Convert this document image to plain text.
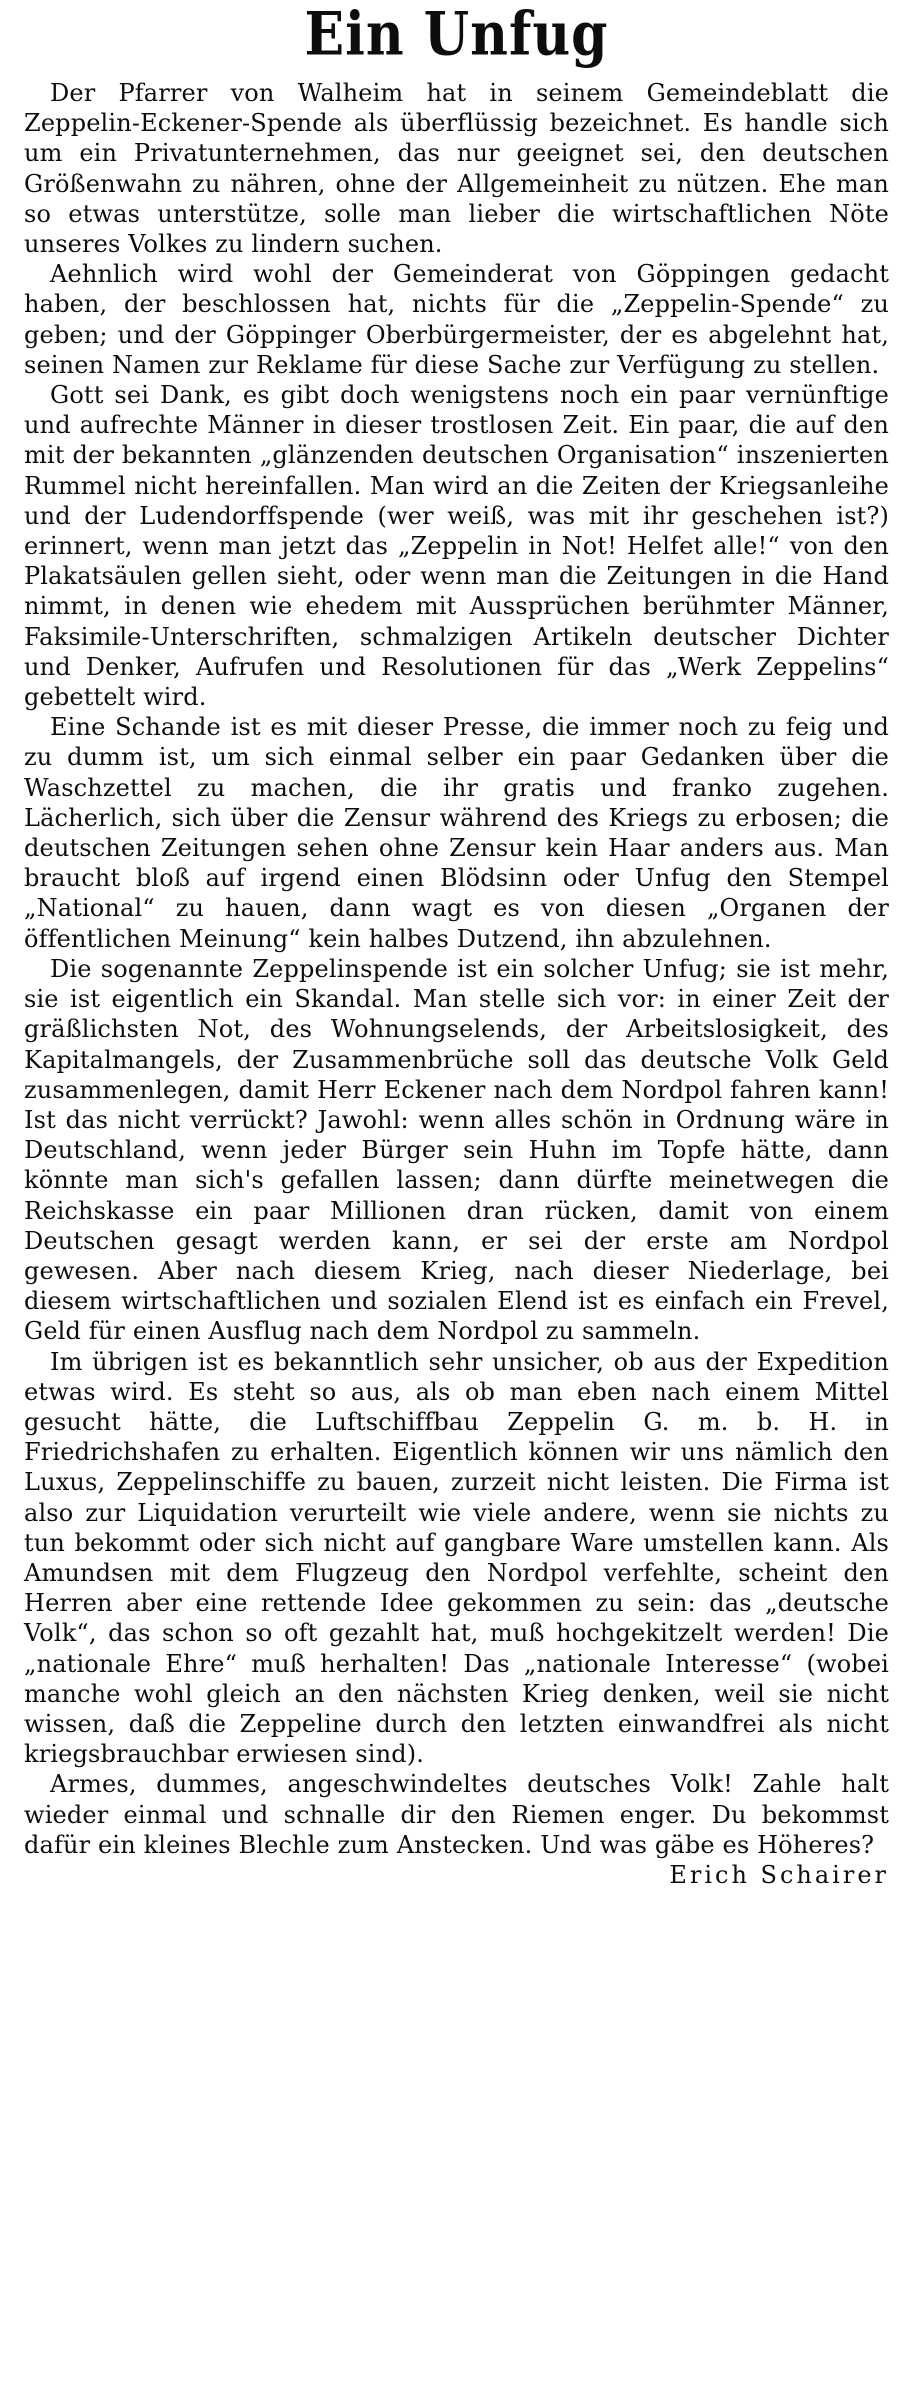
Ein Unfug

Der Pfarrer von Walheim hat in seinem Gemeindeblatt die Zeppelin-Eckener-Spende als überflüssig bezeichnet. Es handle sich um ein Privatunternehmen, das nur geeignet sei, den deutschen Größenwahn zu nähren, ohne der Allgemeinheit zu nützen. Ehe man so etwas unterstütze, solle man lieber die wirtschaftlichen Nöte unseres Volkes zu lindern suchen.

Aehnlich wird wohl der Gemeinderat von Göppingen gedacht haben, der beschlossen hat, nichts für die „Zeppelin-Spende“ zu geben; und der Göppinger Oberbürgermeister, der es abgelehnt hat, seinen Namen zur Reklame für diese Sache zur Verfügung zu stellen.

Gott sei Dank, es gibt doch wenigstens noch ein paar vernünftige und aufrechte Männer in dieser trostlosen Zeit. Ein paar, die auf den mit der bekannten „glänzenden deutschen Organisation“ inszenierten Rummel nicht hereinfallen. Man wird an die Zeiten der Kriegsanleihe und der Ludendorffspende (wer weiß, was mit ihr geschehen ist?) erinnert, wenn man jetzt das „Zeppelin in Not! Helfet alle!“ von den Plakatsäulen gellen sieht, oder wenn man die Zeitungen in die Hand nimmt, in denen wie ehedem mit Aussprüchen berühmter Männer, Faksimile-Unterschriften, schmalzigen Artikeln deutscher Dichter und Denker, Aufrufen und Resolutionen für das „Werk Zeppelins“ gebettelt wird.

Eine Schande ist es mit dieser Presse, die immer noch zu feig und zu dumm ist, um sich einmal selber ein paar Gedanken über die Waschzettel zu machen, die ihr gratis und franko zugehen. Lächerlich, sich über die Zensur während des Kriegs zu erbosen; die deutschen Zeitungen sehen ohne Zensur kein Haar anders aus. Man braucht bloß auf irgend einen Blödsinn oder Unfug den Stempel „National“ zu hauen, dann wagt es von diesen „Organen der öffentlichen Meinung“ kein halbes Dutzend, ihn abzulehnen.

Die sogenannte Zeppelinspende ist ein solcher Unfug; sie ist mehr, sie ist eigentlich ein Skandal. Man stelle sich vor: in einer Zeit der gräßlichsten Not, des Wohnungselends, der Arbeitslosigkeit, des Kapitalmangels, der Zusammenbrüche soll das deutsche Volk Geld zusammenlegen, damit Herr Eckener nach dem Nordpol fahren kann! Ist das nicht verrückt? Jawohl: wenn alles schön in Ordnung wäre in Deutschland, wenn jeder Bürger sein Huhn im Topfe hätte, dann könnte man sich's gefallen lassen; dann dürfte meinetwegen die Reichskasse ein paar Millionen dran rücken, damit von einem Deutschen gesagt werden kann, er sei der erste am Nordpol gewesen. Aber nach diesem Krieg, nach dieser Niederlage, bei diesem wirtschaftlichen und sozialen Elend ist es einfach ein Frevel, Geld für einen Ausflug nach dem Nordpol zu sammeln.

Im übrigen ist es bekanntlich sehr unsicher, ob aus der Expedition etwas wird. Es steht so aus, als ob man eben nach einem Mittel gesucht hätte, die Luftschiffbau Zeppelin G. m. b. H. in Friedrichshafen zu erhalten. Eigentlich können wir uns nämlich den Luxus, Zeppelinschiffe zu bauen, zurzeit nicht leisten. Die Firma ist also zur Liquidation verurteilt wie viele andere, wenn sie nichts zu tun bekommt oder sich nicht auf gangbare Ware umstellen kann. Als Amundsen mit dem Flugzeug den Nordpol verfehlte, scheint den Herren aber eine rettende Idee gekommen zu sein: das „deutsche Volk“, das schon so oft gezahlt hat, muß hochgekitzelt werden! Die „nationale Ehre“ muß herhalten! Das „nationale Interesse“ (wobei manche wohl gleich an den nächsten Krieg denken, weil sie nicht wissen, daß die Zeppeline durch den letzten einwandfrei als nicht kriegsbrauchbar erwiesen sind).

Armes, dummes, angeschwindeltes deutsches Volk! Zahle halt wieder einmal und schnalle dir den Riemen enger. Du bekommst dafür ein kleines Blechle zum Anstecken. Und was gäbe es Höheres?
Erich Schairer
